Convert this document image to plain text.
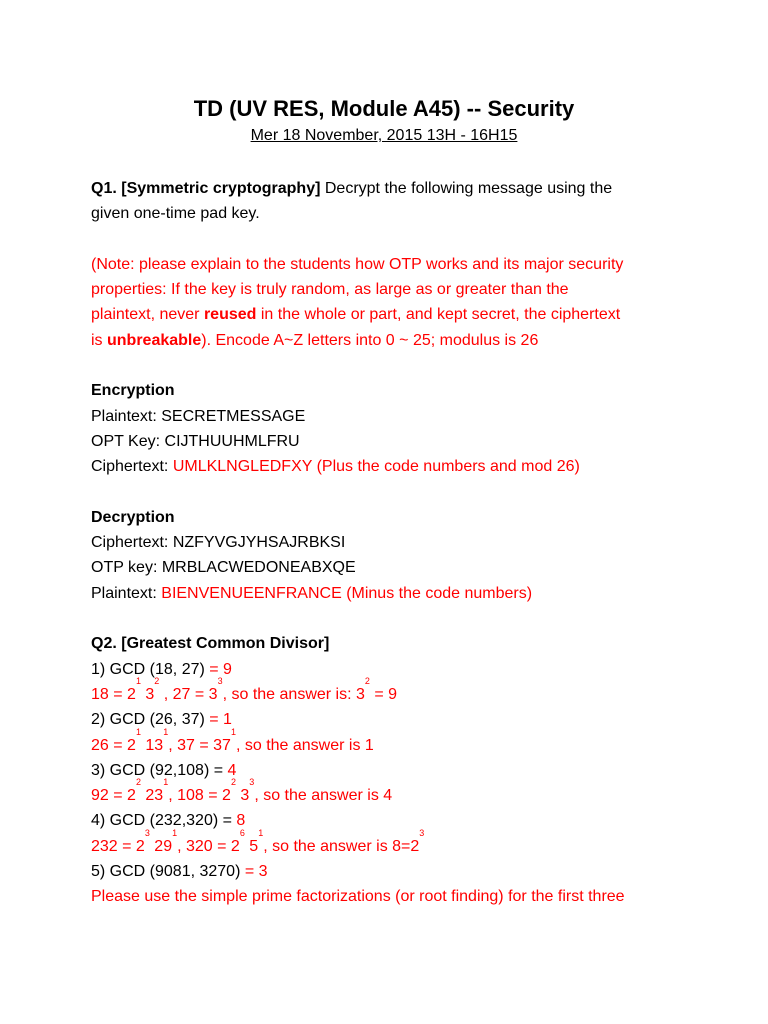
TD (UV RES, Module A45) -- Security
Mer 18 November, 2015 13H - 16H15
Q1. [Symmetric cryptography] Decrypt the following message using the
given one-time pad key.
(Note: please explain to the students how OTP works and its major security
properties: If the key is truly random, as large as or greater than the
plaintext, never reused in the whole or part, and kept secret, the ciphertext
is unbreakable). Encode A~Z letters into 0 ~ 25; modulus is 26
Encryption
Plaintext: SECRETMESSAGE
OPT Key: CIJTHUUHMLFRU
Ciphertext: UMLKLNGLEDFXY (Plus the code numbers and mod 26)
Decryption
Ciphertext: NZFYVGJYHSAJRBKSI
OTP key: MRBLACWEDONEABXQE
Plaintext: BIENVENUEENFRANCE (Minus the code numbers)
Q2. [Greatest Common Divisor]
1) GCD (18, 27) = 9
$18 = 2^1$ $3^2$ , $27 = 3^3$, so the answer is: $3^2 = 9$
2) GCD (26, 37) = 1
$26 = 2^1$ $13^1$, $37 = 37^1$, so the answer is 1
3) GCD (92,108) = 4
$92 = 2^2$ $23^1$, $108 = 2^2$ $3^3$, so the answer is 4
4) GCD (232,320) = 8
$232 = 2^3$ $29^1$, $320 = 2^6$ $5^1$, so the answer is $8=2^3$
5) GCD (9081, 3270) = 3
Please use the simple prime factorizations (or root finding) for the first three
